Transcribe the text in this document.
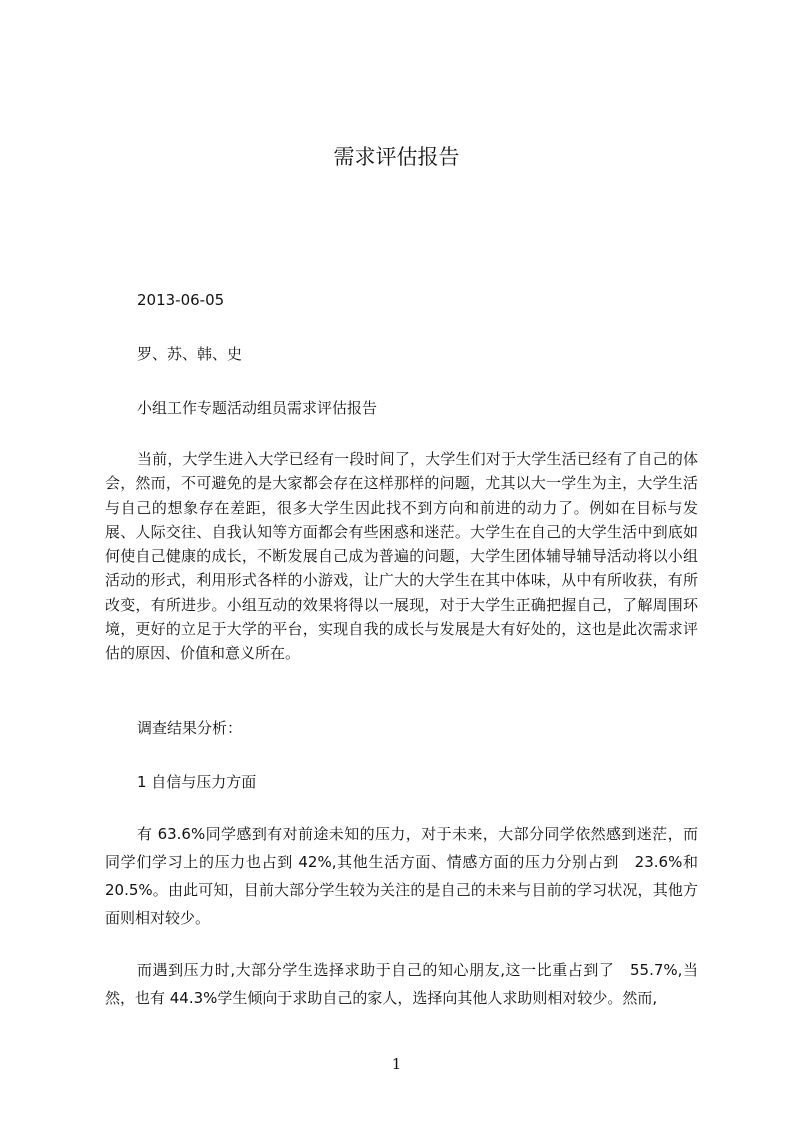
需求评估报告
2013-06-05
罗、苏、韩、史
小组工作专题活动组员需求评估报告

当前，大学生进入大学已经有一段时间了，大学生们对于大学生活已经有了自己的体会，然而，不可避免的是大家都会存在这样那样的问题，尤其以大一学生为主，大学生活与自己的想象存在差距，很多大学生因此找不到方向和前进的动力了。例如在目标与发展、人际交往、自我认知等方面都会有些困惑和迷茫。大学生在自己的大学生活中到底如何使自己健康的成长，不断发展自己成为普遍的问题，大学生团体辅导辅导活动将以小组活动的形式，利用形式各样的小游戏，让广大的大学生在其中体味，从中有所收获，有所改变，有所进步。小组互动的效果将得以一展现，对于大学生正确把握自己，了解周围环境，更好的立足于大学的平台，实现自我的成长与发展是大有好处的，这也是此次需求评估的原因、价值和意义所在。

调查结果分析：
1 自信与压力方面

有 63.6%同学感到有对前途未知的压力，对于未来，大部分同学依然感到迷茫，而同学们学习上的压力也占到 42%,其他生活方面、情感方面的压力分别占到　23.6%和 20.5%。由此可知，目前大部分学生较为关注的是自己的未来与目前的学习状况，其他方面则相对较少。

而遇到压力时,大部分学生选择求助于自己的知心朋友,这一比重占到了　55.7%,当然，也有 44.3%学生倾向于求助自己的家人，选择向其他人求助则相对较少。然而,

1
